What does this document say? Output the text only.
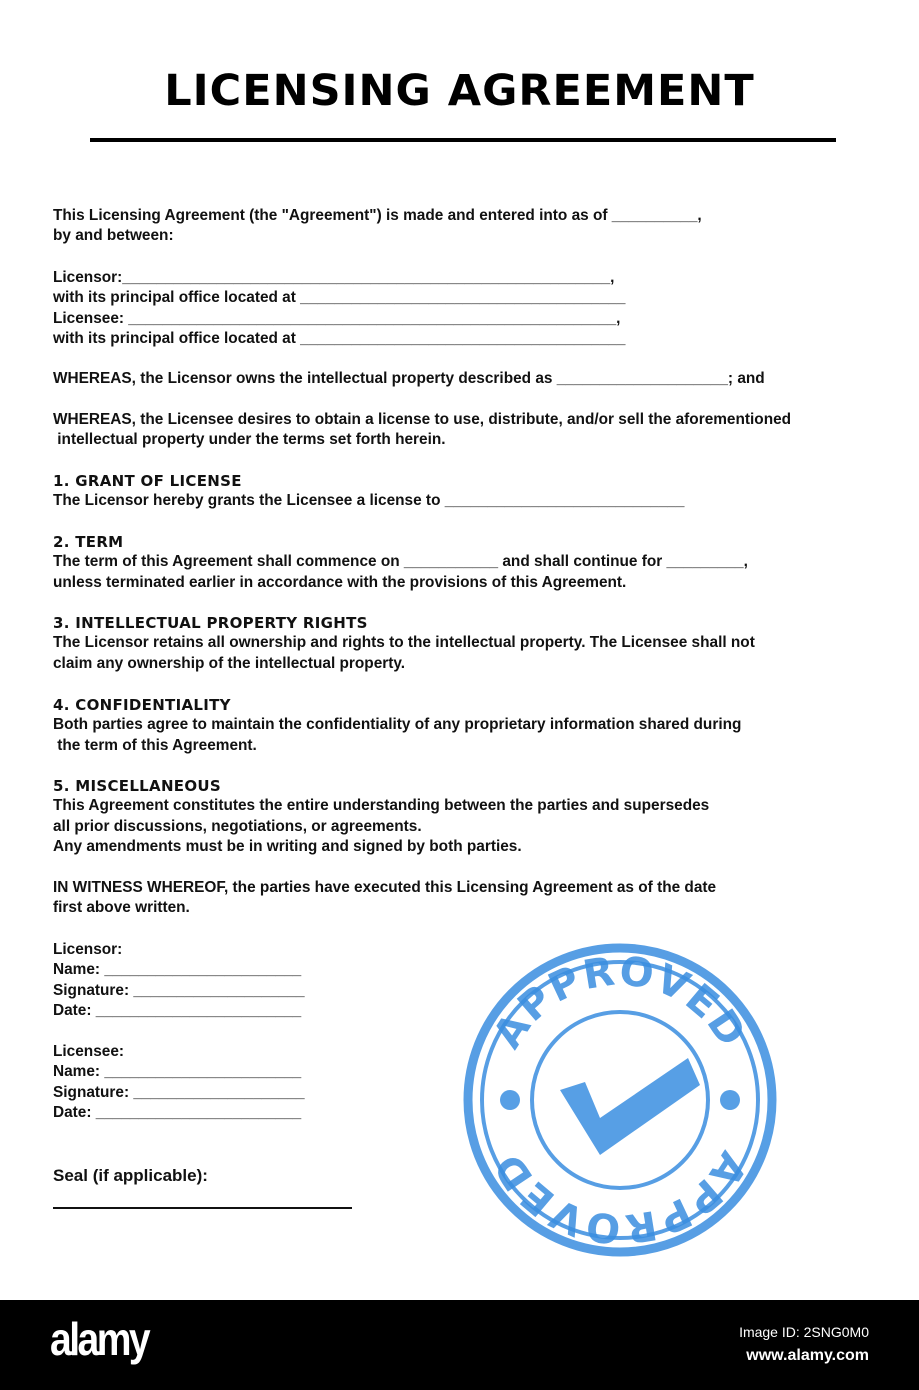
LICENSING AGREEMENT
This Licensing Agreement (the "Agreement") is made and entered into as of __________,
by and between:
Licensor:_________________________________________________________,
with its principal office located at ______________________________________
Licensee: _________________________________________________________,
with its principal office located at ______________________________________
WHEREAS, the Licensor owns the intellectual property described as ____________________; and
WHEREAS, the Licensee desires to obtain a license to use, distribute, and/or sell the aforementioned
intellectual property under the terms set forth herein.
1. GRANT OF LICENSE
The Licensor hereby grants the Licensee a license to ____________________________
2. TERM
The term of this Agreement shall commence on ___________ and shall continue for _________,
unless terminated earlier in accordance with the provisions of this Agreement.
3. INTELLECTUAL PROPERTY RIGHTS
The Licensor retains all ownership and rights to the intellectual property. The Licensee shall not
claim any ownership of the intellectual property.
4. CONFIDENTIALITY
Both parties agree to maintain the confidentiality of any proprietary information shared during
the term of this Agreement.
5. MISCELLANEOUS
This Agreement constitutes the entire understanding between the parties and supersedes
all prior discussions, negotiations, or agreements.
Any amendments must be in writing and signed by both parties.
IN WITNESS WHEREOF, the parties have executed this Licensing Agreement as of the date
first above written.
Licensor:
Name: _______________________
Signature: ____________________
Date: ________________________
Licensee:
Name: _______________________
Signature: ____________________
Date: ________________________
Seal (if applicable):
APPROVED
APPROVED
alamy	Image ID: 2SNG0M0
www.alamy.com
